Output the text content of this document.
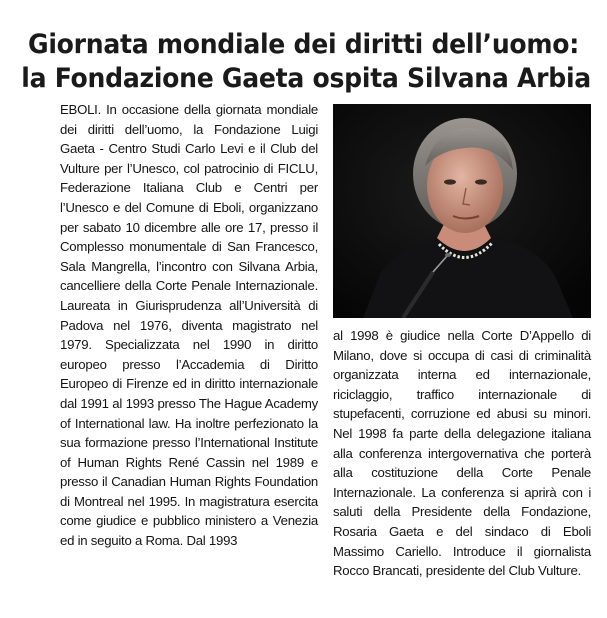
Giornata mondiale dei diritti dell’uomo:
la Fondazione Gaeta ospita Silvana Arbia

EBOLI. In occasione della giornata mondiale dei diritti dell’uomo, la Fondazione Luigi Gaeta - Centro Studi Carlo Levi e il Club del Vulture per l’Unesco, col patrocinio di FICLU, Federazione Italiana Club e Centri per l’Unesco e del Comune di Eboli, organizzano per sabato 10 dicembre alle ore 17, presso il Complesso monumentale di San Francesco, Sala Mangrella, l’incontro con Silvana Arbia, cancelliere della Corte Penale Internazionale. Laureata in Giurisprudenza all’Università di Padova nel 1976, diventa magistrato nel 1979. Specializzata nel 1990 in diritto europeo presso l’Accademia di Diritto Europeo di Firenze ed in diritto internazionale dal 1991 al 1993 presso The Hague Academy of International law. Ha inoltre perfezionato la sua formazione presso l’International Institute of Human Rights René Cassin nel 1989 e presso il Canadian Human Rights Foundation di Montreal nel 1995. In magistratura esercita come giudice e pubblico ministero a Venezia ed in seguito a Roma. Dal 1993

al 1998 è giudice nella Corte D’Appello di Milano, dove si occupa di casi di criminalità organizzata interna ed internazionale, riciclaggio, traffico internazionale di stupefacenti, corruzione ed abusi su minori. Nel 1998 fa parte della delegazione italiana alla conferenza intergovernativa che porterà alla costituzione della Corte Penale Internazionale. La conferenza si aprirà con i saluti della Presidente della Fondazione, Rosaria Gaeta e del sindaco di Eboli Massimo Cariello. Introduce il giornalista Rocco Brancati, presidente del Club Vulture.
